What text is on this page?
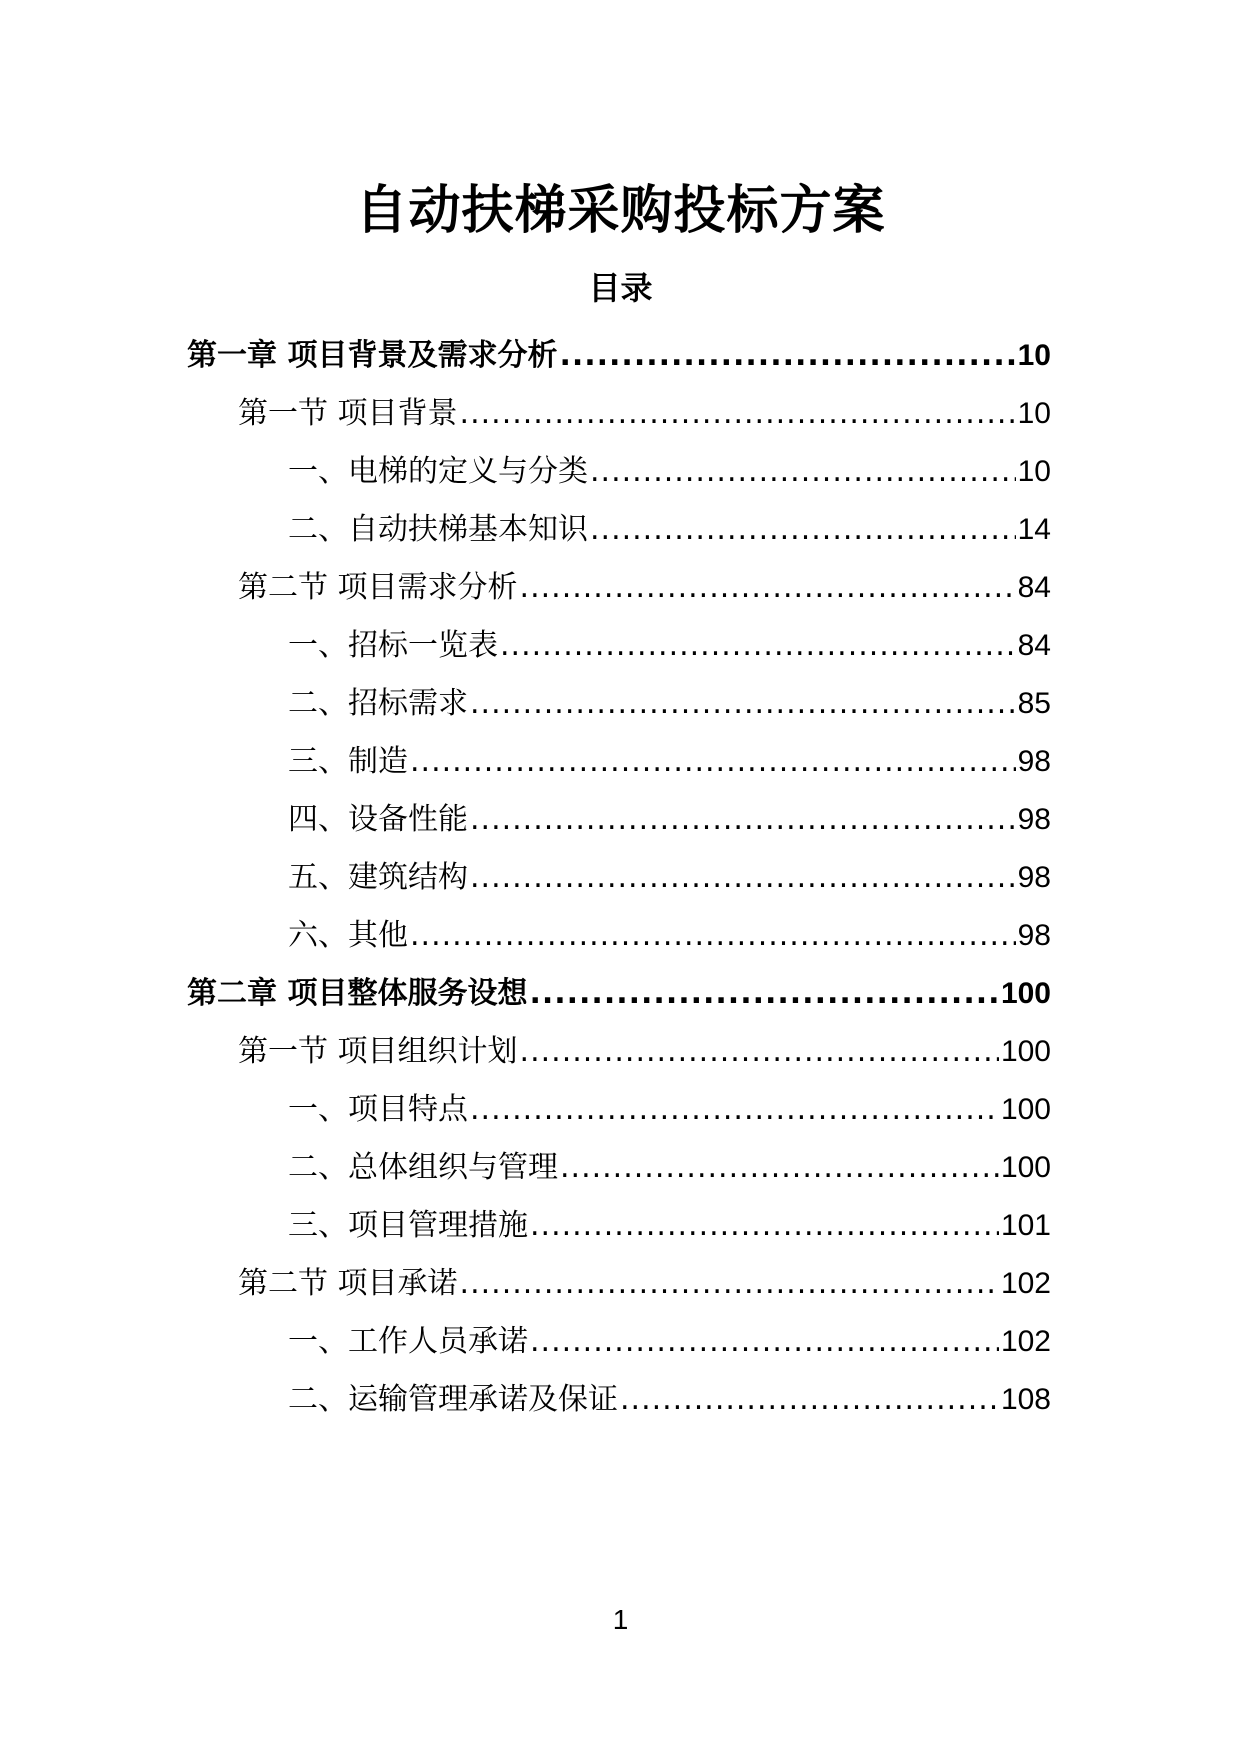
自动扶梯采购投标方案
目录
第一章 项目背景及需求分析 .....	10
第一节 项目背景 .....	10
一、电梯的定义与分类 .....	10
二、自动扶梯基本知识 .....	14
第二节 项目需求分析 .....	84
一、招标一览表 .....	84
二、招标需求 .....	85
三、制造 .....	98
四、设备性能 .....	98
五、建筑结构 .....	98
六、其他 .....	98
第二章 项目整体服务设想 .....	100
第一节 项目组织计划 .....	100
一、项目特点 .....	100
二、总体组织与管理 .....	100
三、项目管理措施 .....	101
第二节 项目承诺 .....	102
一、工作人员承诺 .....	102
二、运输管理承诺及保证 .....	108
1
